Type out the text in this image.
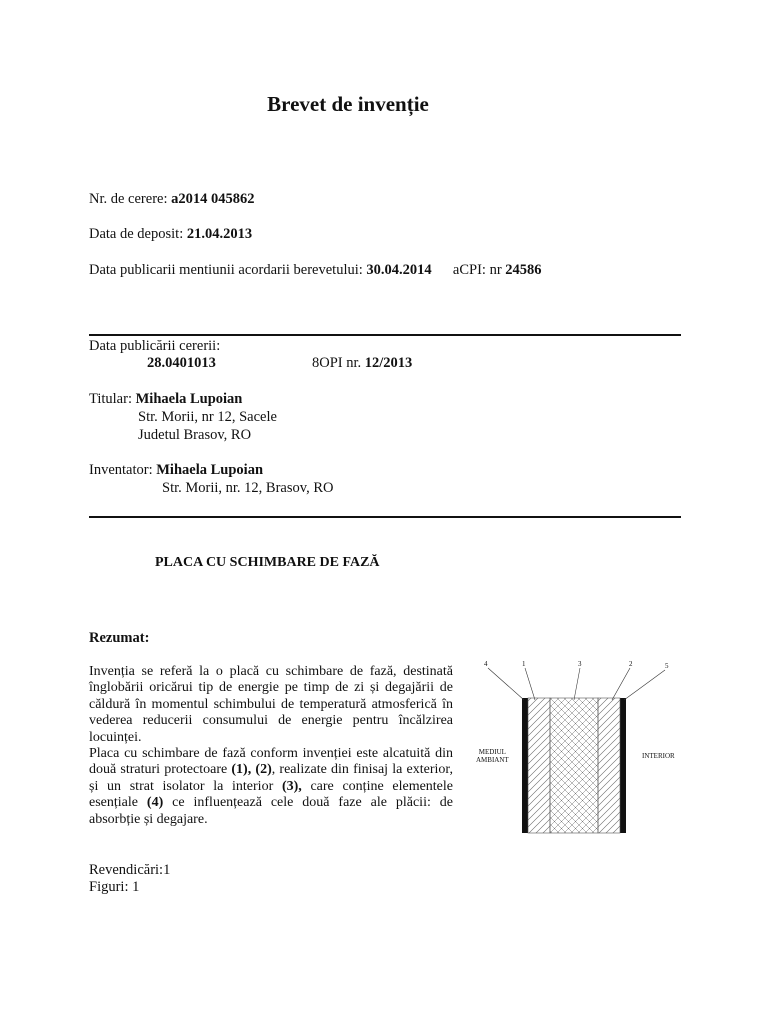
Brevet de invenție
Nr. de cerere: a2014 045862
Data de deposit: 21.04.2013
Data publicarii mentiunii acordarii berevetului: 30.04.2014 aCPI: nr 24586
Data publicării cererii:
28.0401013	8OPI nr. 12/2013
Titular: Mihaela Lupoian
Str. Morii, nr 12, Sacele
Judetul Brasov, RO
Inventator: Mihaela Lupoian
Str. Morii, nr. 12, Brasov, RO
PLACA CU SCHIMBARE DE FAZĂ
Rezumat:

Invenția se referă la o placă cu schimbare de fază, destinată înglobării oricărui tip de energie pe timp de zi și degajării de căldură în momentul schimbului de temperatură atmosferică în vederea reducerii consumului de energie pentru încălzirea locuinței.

Placa cu schimbare de fază conform invenției este alcatuită din două straturi protectoare (1), (2), realizate din finisaj la exterior, și un strat isolator la interior (3), care conține elementele esențiale (4) ce influențează cele două faze ale plăcii: de absorbție și degajare.

Revendicări:1
Figuri: 1
4	1	3	2	5
MEDIUL
AMBIANT	INTERIOR
